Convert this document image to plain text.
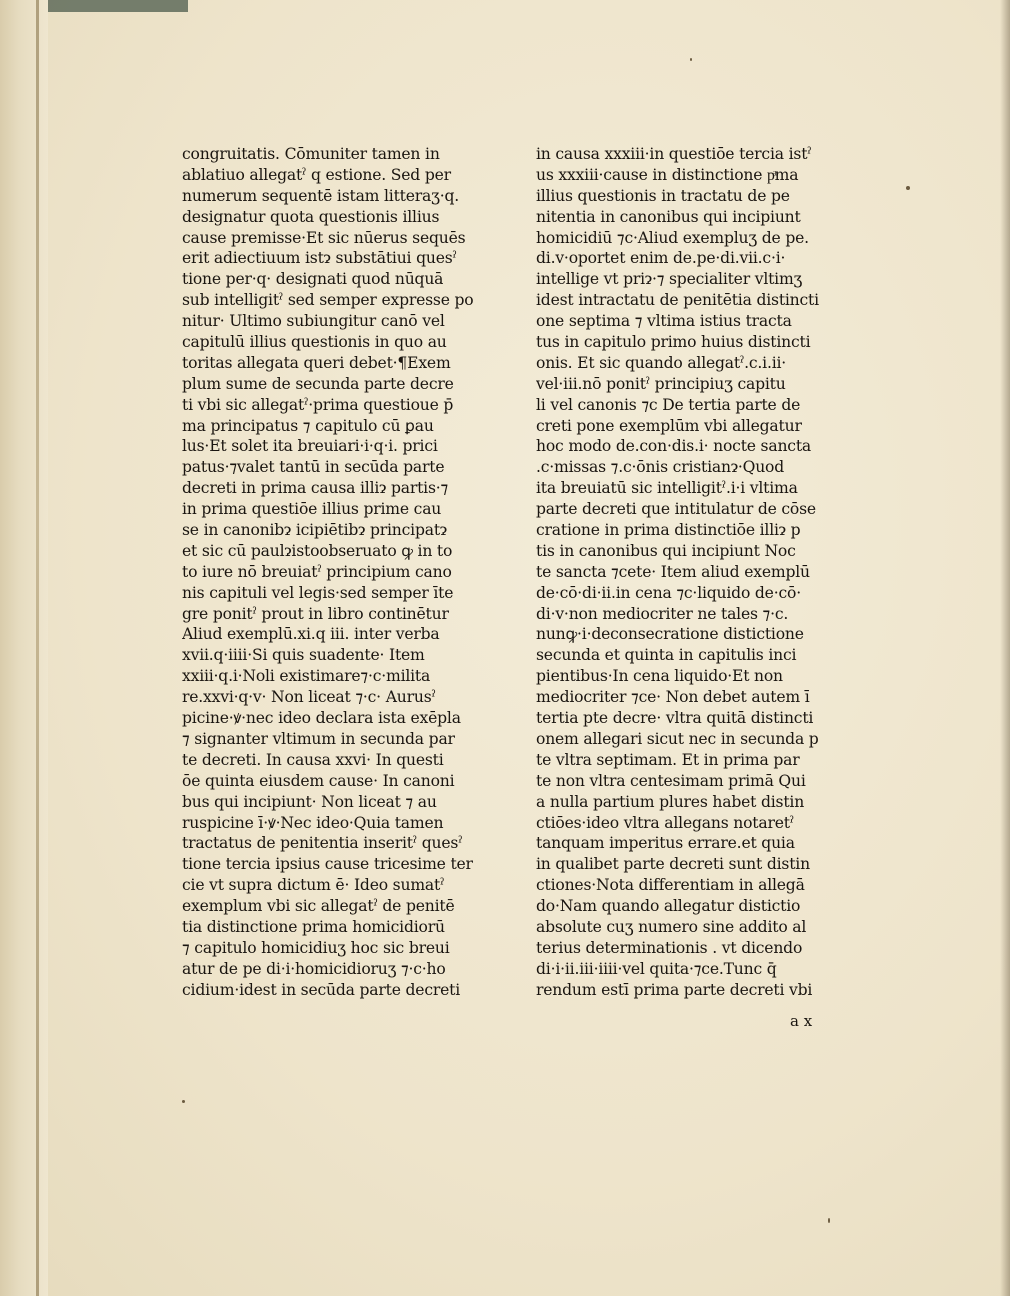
congruitatis. Cōmuniter tamen in
ablatiuo allegatˀ q estione. Sed per
numerum sequentē istam litteraʒ·q.
designatur quota questionis illius
cause premisse·Et sic nūerus sequēs
erit adiectiuum istɂ substātiui quesˀ
tione per·q· designati quod nūquā
sub intelligitˀ sed semper expresse po
nitur· Ultimo subiungitur canō vel
capitulū illius questionis in quo au
toritas allegata queri debet·¶Exem
plum sume de secunda parte decre
ti vbi sic allegatˀ·prima questioue p̄
ma principatus ⁊ capitulo cū ꝑau
lus·Et solet ita breuiari·i·q·i. prici
patus·⁊valet tantū in secūda parte
decreti in prima causa illiɂ partis·⁊
in prima questiōe illius prime cau
se in canonibɂ icipiētibɂ principatɂ
et sic cū paulɂistoobseruato ꝙ in to
to iure nō breuiatˀ principium cano
nis capituli vel legis·sed semper īte
gre ponitˀ prout in libro continētur
Aliud exemplū.xi.q iii. inter verba
xvii.q·iiii·Si quis suadente· Item
xxiii·q.i·Noli existimare⁊·c·milita
re.xxvi·q·v· Non liceat ⁊·c· Aurusˀ
picine·ꝟ·nec ideo declara ista exēpla
⁊ signanter vltimum in secunda par
te decreti. In causa xxvi· In questi
ōe quinta eiusdem cause· In canoni
bus qui incipiunt· Non liceat ⁊ au
ruspicine ī·ꝟ·Nec ideo·Quia tamen
tractatus de penitentia inseritˀ quesˀ
tione tercia ipsius cause tricesime ter
cie vt supra dictum ē· Ideo sumatˀ
exemplum vbi sic allegatˀ de penitē
tia distinctione prima homicidiorū
⁊ capitulo homicidiuʒ hoc sic breui
atur de pe di·i·homicidioruʒ ⁊·c·ho
cidium·idest in secūda parte decreti
in causa xxxiii·in questiōe tercia istˀ
us xxxiii·cause in distinctione pͣma
illius questionis in tractatu de pe
nitentia in canonibus qui incipiunt
homicidiū ⁊c·Aliud exempluʒ de pe.
di.v·oportet enim de.pe·di.vii.c·i·
intellige vt priɂ·⁊ specialiter vltimʒ
idest intractatu de penitētia distincti
one septima ⁊ vltima istius tracta
tus in capitulo primo huius distincti
onis. Et sic quando allegatˀ.c.i.ii·
vel·iii.nō ponitˀ principiuʒ capitu
li vel canonis ⁊c De tertia parte de
creti pone exemplūm vbi allegatur
hoc modo de.con·dis.i· nocte sancta
.c·missas ⁊.c·ōnis cristianɂ·Quod
ita breuiatū sic intelligitˀ.i·i vltima
parte decreti que intitulatur de cōse
cratione in prima distinctiōe illiɂ p
tis in canonibus qui incipiunt Noc
te sancta ⁊cete· Item aliud exemplū
de·cō·di·ii.in cena ⁊c·liquido de·cō·
di·v·non mediocriter ne tales ⁊·c.
nunꝙ·i·deconsecratione distictione
secunda et quinta in capitulis inci
pientibus·In cena liquido·Et non
mediocriter ⁊ce· Non debet autem ī
tertia pte decre· vltra quitā distincti
onem allegari sicut nec in secunda p
te vltra septimam. Et in prima par
te non vltra centesimam primā Qui
a nulla partium plures habet distin
ctiōes·ideo vltra allegans notaretˀ
tanquam imperitus errare.et quia
in qualibet parte decreti sunt distin
ctiones·Nota differentiam in allegā
do·Nam quando allegatur distictio
absolute cuʒ numero sine addito al
terius determinationis . vt dicendo
di·i·ii.iii·iiii·vel quita·⁊ce.Tunc q̄
rendum estī prima parte decreti vbi
a x
